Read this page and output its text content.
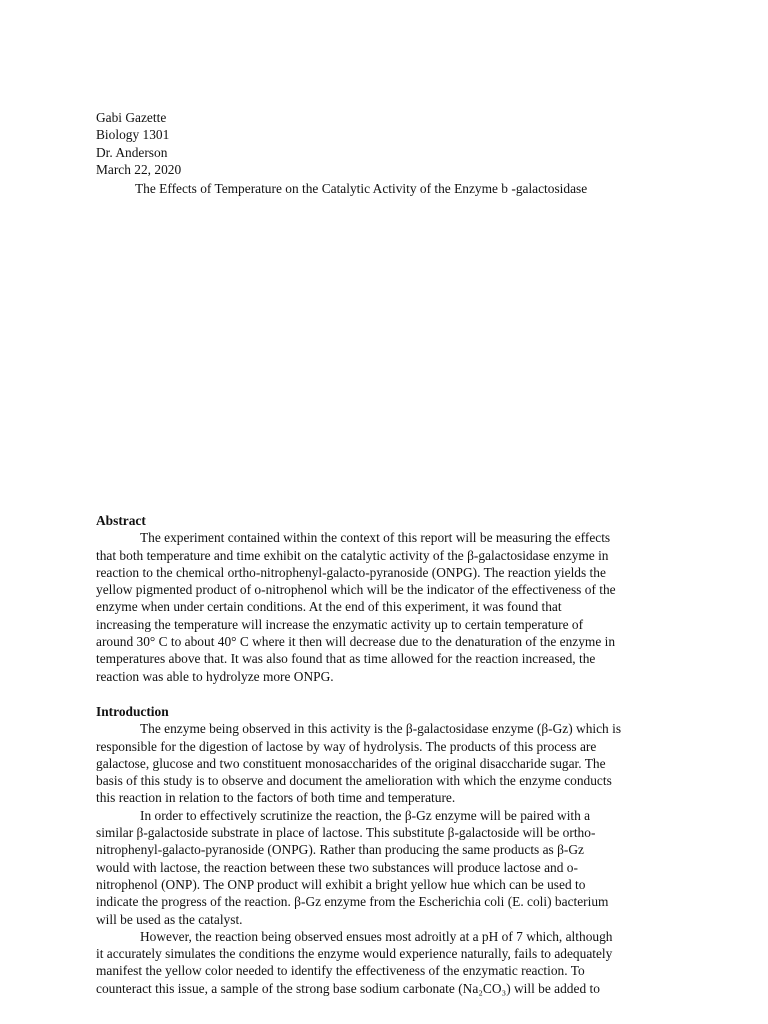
Gabi Gazette
Biology 1301
Dr. Anderson
March 22, 2020
The Effects of Temperature on the Catalytic Activity of the Enzyme b -galactosidase
Abstract
The experiment contained within the context of this report will be measuring the effects
that both temperature and time exhibit on the catalytic activity of the β-galactosidase enzyme in
reaction to the chemical ortho-nitrophenyl-galacto-pyranoside (ONPG). The reaction yields the
yellow pigmented product of o-nitrophenol which will be the indicator of the effectiveness of the
enzyme when under certain conditions. At the end of this experiment, it was found that
increasing the temperature will increase the enzymatic activity up to certain temperature of
around 30° C to about 40° C where it then will decrease due to the denaturation of the enzyme in
temperatures above that. It was also found that as time allowed for the reaction increased, the
reaction was able to hydrolyze more ONPG.
Introduction
The enzyme being observed in this activity is the β-galactosidase enzyme (β-Gz) which is
responsible for the digestion of lactose by way of hydrolysis. The products of this process are
galactose, glucose and two constituent monosaccharides of the original disaccharide sugar. The
basis of this study is to observe and document the amelioration with which the enzyme conducts
this reaction in relation to the factors of both time and temperature.
In order to effectively scrutinize the reaction, the β-Gz enzyme will be paired with a
similar β-galactoside substrate in place of lactose. This substitute β-galactoside will be ortho-
nitrophenyl-galacto-pyranoside (ONPG). Rather than producing the same products as β-Gz
would with lactose, the reaction between these two substances will produce lactose and o-
nitrophenol (ONP). The ONP product will exhibit a bright yellow hue which can be used to
indicate the progress of the reaction. β-Gz enzyme from the Escherichia coli (E. coli) bacterium
will be used as the catalyst.
However, the reaction being observed ensues most adroitly at a pH of 7 which, although
it accurately simulates the conditions the enzyme would experience naturally, fails to adequately
manifest the yellow color needed to identify the effectiveness of the enzymatic reaction. To
counteract this issue, a sample of the strong base sodium carbonate (Na₂CO₃) will be added to
